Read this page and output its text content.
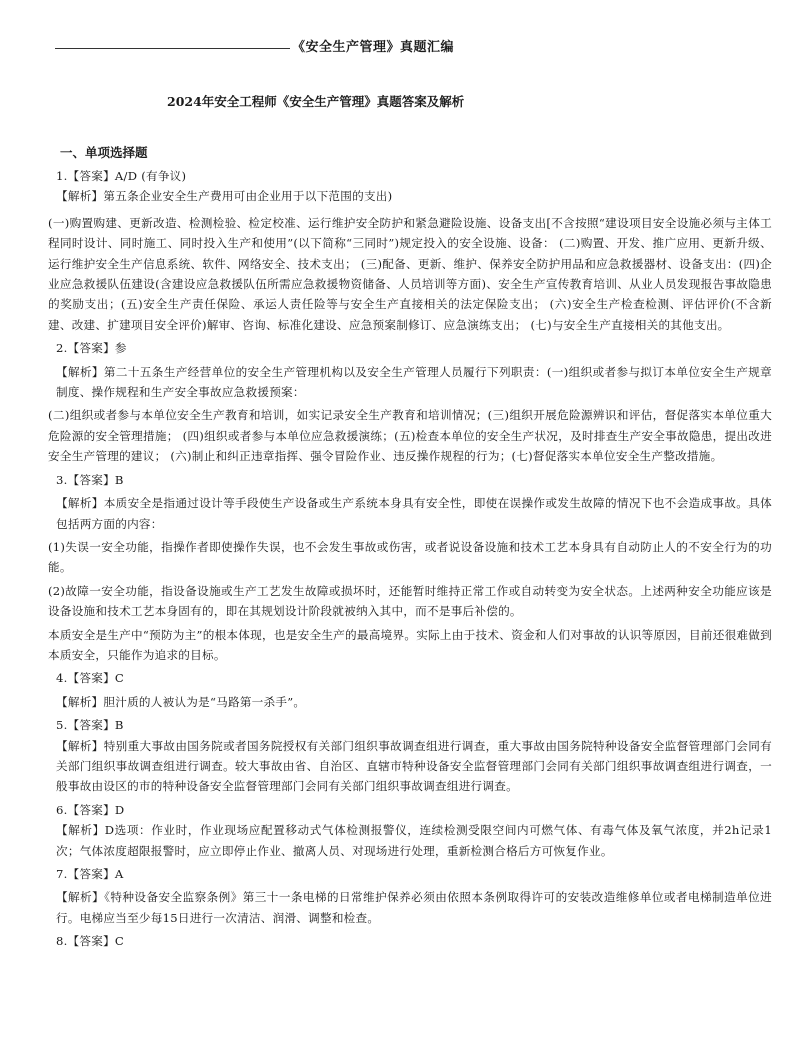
《安全生产管理》真题汇编
2024年安全工程师《安全生产管理》真题答案及解析
一、单项选择题

1.【答案】A/D (有争议)

【解析】第五条企业安全生产费用可由企业用于以下范围的支出)

(一)购置购建、更新改造、检测检验、检定校准、运行维护安全防护和紧急避险设施、设备支出[不含按照“建设项目安全设施必须与主体工程同时设计、同时施工、同时投入生产和使用”(以下简称“三同时”)规定投入的安全设施、设备： (二)购置、开发、推广应用、更新升级、运行维护安全生产信息系统、软件、网络安全、技术支出； (三)配备、更新、维护、保养安全防护用品和应急救援器材、设备支出：(四)企业应急救援队伍建设(含建设应急救援队伍所需应急救援物资储备、人员培训等方面)、安全生产宣传教育培训、从业人员发现报告事故隐患的奖励支出；(五)安全生产责任保险、承运人责任险等与安全生产直接相关的法定保险支出； (六)安全生产检查检测、评估评价(不含新建、改建、扩建项目安全评价)解审、咨询、标准化建设、应急预案制修订、应急演练支出； (七)与安全生产直接相关的其他支出。

2.【答案】参

【解析】第二十五条生产经营单位的安全生产管理机构以及安全生产管理人员履行下列职责：(一)组织或者参与拟订本单位安全生产规章制度、操作规程和生产安全事故应急救援预案：

(二)组织或者参与本单位安全生产教育和培训，如实记录安全生产教育和培训情况；(三)组织开展危险源辨识和评估，督促落实本单位重大危险源的安全管理措施； (四)组织或者参与本单位应急救援演练；(五)检查本单位的安全生产状况，及时排查生产安全事故隐患，提出改进安全生产管理的建议； (六)制止和纠正违章指挥、强令冒险作业、违反操作规程的行为；(七)督促落实本单位安全生产整改措施。

3.【答案】B

【解析】本质安全是指通过设计等手段使生产设备或生产系统本身具有安全性，即使在误操作或发生故障的情况下也不会造成事故。具体包括两方面的内容：

(1)失误一安全功能，指操作者即使操作失误，也不会发生事故或伤害，或者说设备设施和技术工艺本身具有自动防止人的不安全行为的功能。

(2)故障一安全功能，指设备设施或生产工艺发生故障或损坏时，还能暂时维持正常工作或自动转变为安全状态。上述两种安全功能应该是设备设施和技术工艺本身固有的，即在其规划设计阶段就被纳入其中，而不是事后补偿的。

本质安全是生产中“预防为主”的根本体现，也是安全生产的最高境界。实际上由于技术、资金和人们对事故的认识等原因，目前还很难做到本质安全，只能作为追求的目标。

4.【答案】C

【解析】胆汁质的人被认为是“马路第一杀手”。

5.【答案】B

【解析】特别重大事故由国务院或者国务院授权有关部门组织事故调查组进行调查，重大事故由国务院特种设备安全监督管理部门会同有关部门组织事故调查组进行调查。较大事故由省、自治区、直辖市特种设备安全监督管理部门会同有关部门组织事故调查组进行调查，一般事故由设区的市的特种设备安全监督管理部门会同有关部门组织事故调查组进行调查。

6.【答案】D

【解析】D选项：作业时，作业现场应配置移动式气体检测报警仪，连续检测受限空间内可燃气体、有毒气体及氧气浓度，并2h记录1次；气体浓度超限报警时，应立即停止作业、撤离人员、对现场进行处理，重新检测合格后方可恢复作业。

7.【答案】A

【解析】《特种设备安全监察条例》第三十一条电梯的日常维护保养必须由依照本条例取得许可的安装改造维修单位或者电梯制造单位进行。电梯应当至少每15日进行一次清洁、润滑、调整和检查。

8.【答案】C
